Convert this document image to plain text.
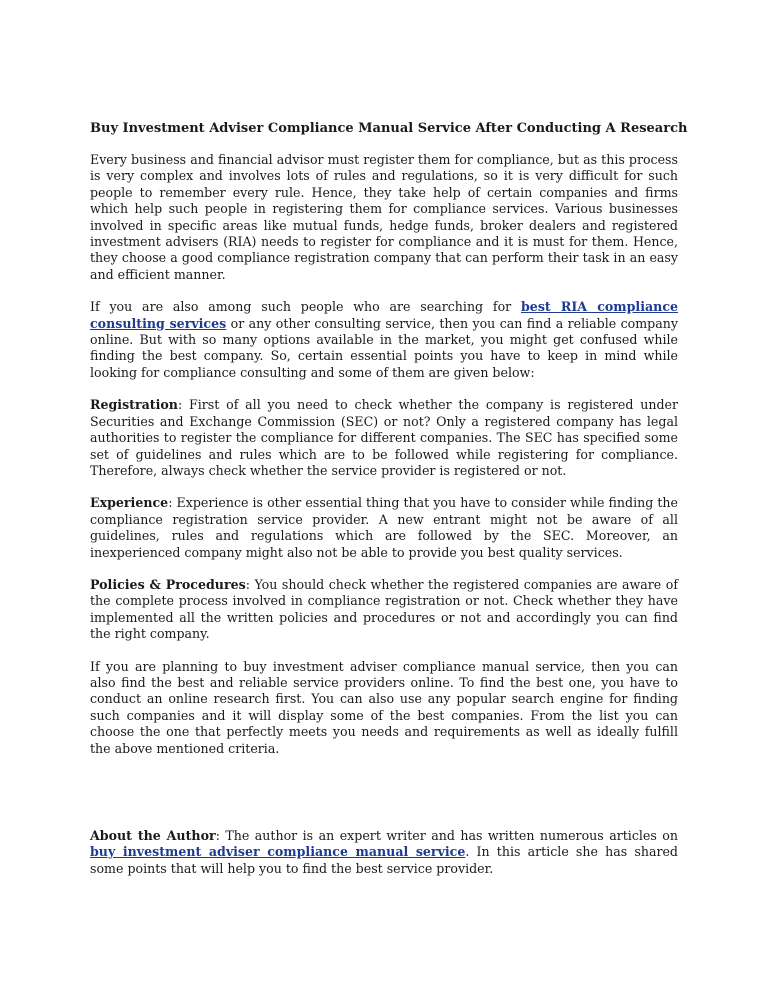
Buy Investment Adviser Compliance Manual Service After Conducting A Research

Every business and financial advisor must register them for compliance, but as this process is very complex and involves lots of rules and regulations, so it is very difficult for such people to remember every rule. Hence, they take help of certain companies and firms which help such people in registering them for compliance services. Various businesses involved in specific areas like mutual funds, hedge funds, broker dealers and registered investment advisers (RIA) needs to register for compliance and it is must for them. Hence, they choose a good compliance registration company that can perform their task in an easy and efficient manner.

If you are also among such people who are searching for best RIA compliance consulting services or any other consulting service, then you can find a reliable company online. But with so many options available in the market, you might get confused while finding the best company. So, certain essential points you have to keep in mind while looking for compliance consulting and some of them are given below:

Registration: First of all you need to check whether the company is registered under Securities and Exchange Commission (SEC) or not? Only a registered company has legal authorities to register the compliance for different companies. The SEC has specified some set of guidelines and rules which are to be followed while registering for compliance. Therefore, always check whether the service provider is registered or not.

Experience: Experience is other essential thing that you have to consider while finding the compliance registration service provider. A new entrant might not be aware of all guidelines, rules and regulations which are followed by the SEC. Moreover, an inexperienced company might also not be able to provide you best quality services.

Policies & Procedures: You should check whether the registered companies are aware of the complete process involved in compliance registration or not. Check whether they have implemented all the written policies and procedures or not and accordingly you can find the right company.

If you are planning to buy investment adviser compliance manual service, then you can also find the best and reliable service providers online. To find the best one, you have to conduct an online research first. You can also use any popular search engine for finding such companies and it will display some of the best companies. From the list you can choose the one that perfectly meets you needs and requirements as well as ideally fulfill the above mentioned criteria.

About the Author: The author is an expert writer and has written numerous articles on buy investment adviser compliance manual service. In this article she has shared some points that will help you to find the best service provider.
